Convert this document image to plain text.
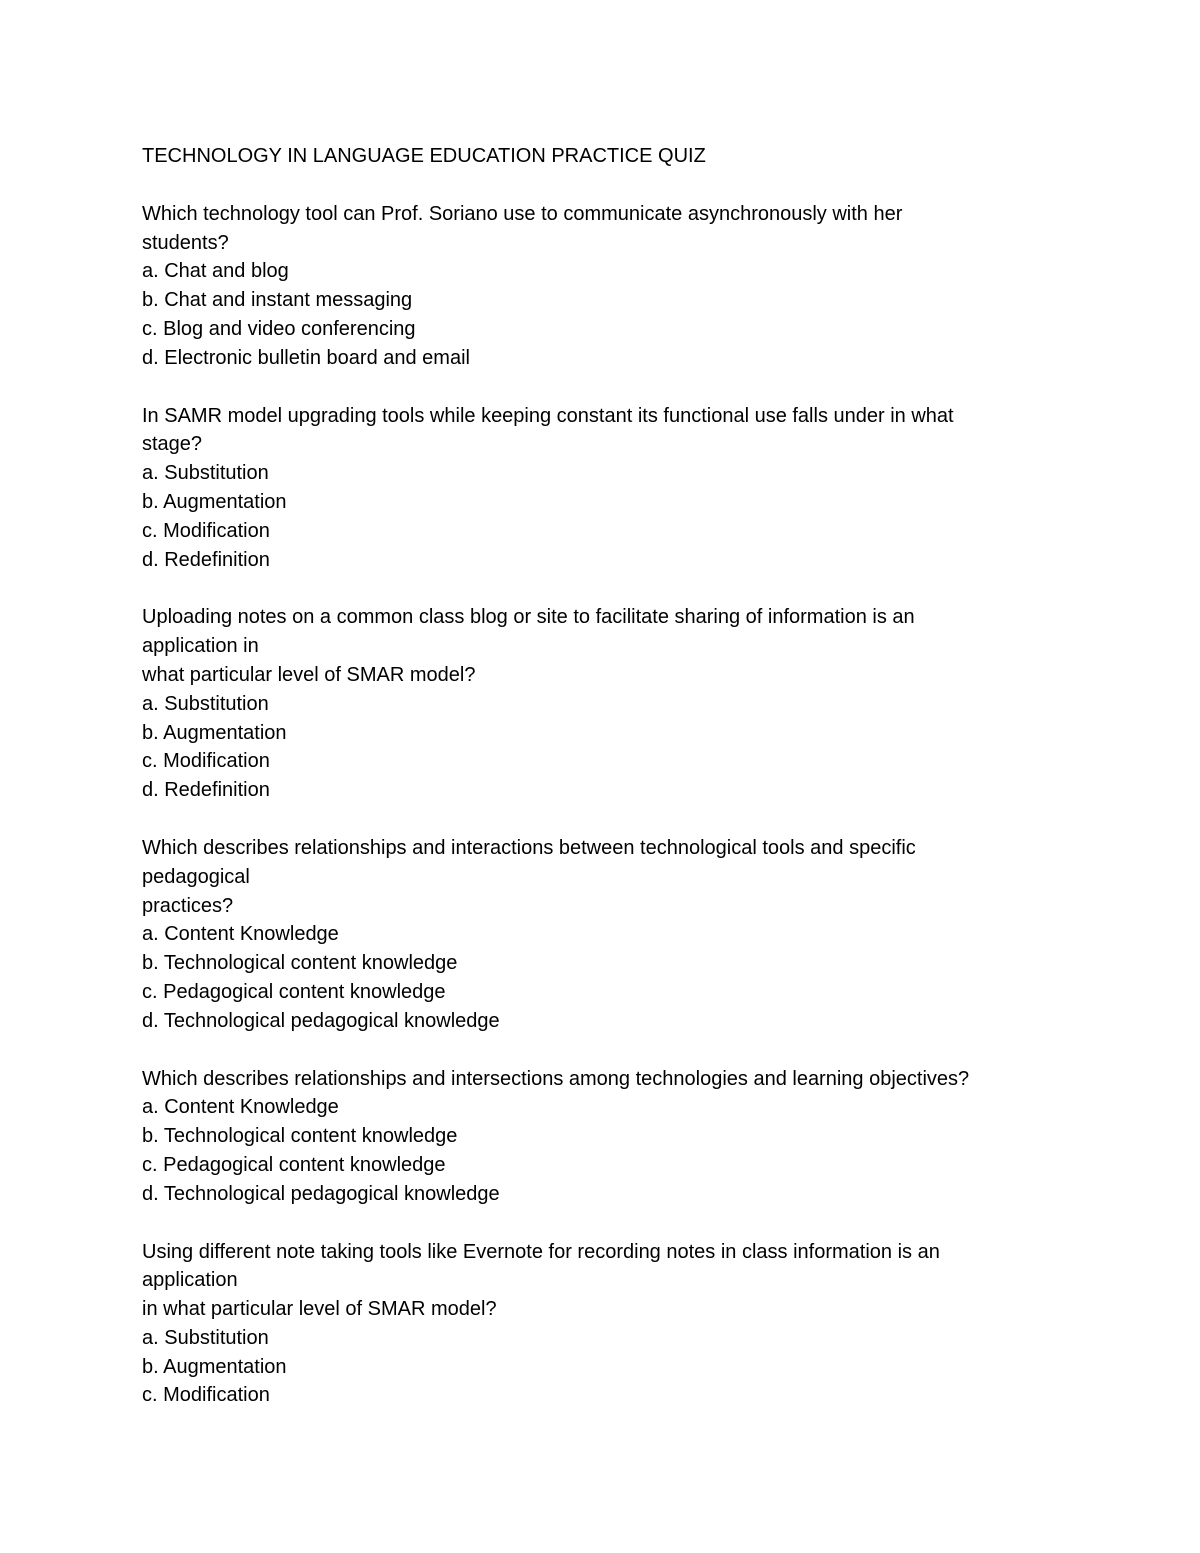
TECHNOLOGY IN LANGUAGE EDUCATION PRACTICE QUIZ
Which technology tool can Prof. Soriano use to communicate asynchronously with her
students?
a. Chat and blog
b. Chat and instant messaging
c. Blog and video conferencing
d. Electronic bulletin board and email
In SAMR model upgrading tools while keeping constant its functional use falls under in what
stage?
a. Substitution
b. Augmentation
c. Modification
d. Redefinition
Uploading notes on a common class blog or site to facilitate sharing of information is an
application in
what particular level of SMAR model?
a. Substitution
b. Augmentation
c. Modification
d. Redefinition
Which describes relationships and interactions between technological tools and specific
pedagogical
practices?
a. Content Knowledge
b. Technological content knowledge
c. Pedagogical content knowledge
d. Technological pedagogical knowledge
Which describes relationships and intersections among technologies and learning objectives?
a. Content Knowledge
b. Technological content knowledge
c. Pedagogical content knowledge
d. Technological pedagogical knowledge
Using different note taking tools like Evernote for recording notes in class information is an
application
in what particular level of SMAR model?
a. Substitution
b. Augmentation
c. Modification
